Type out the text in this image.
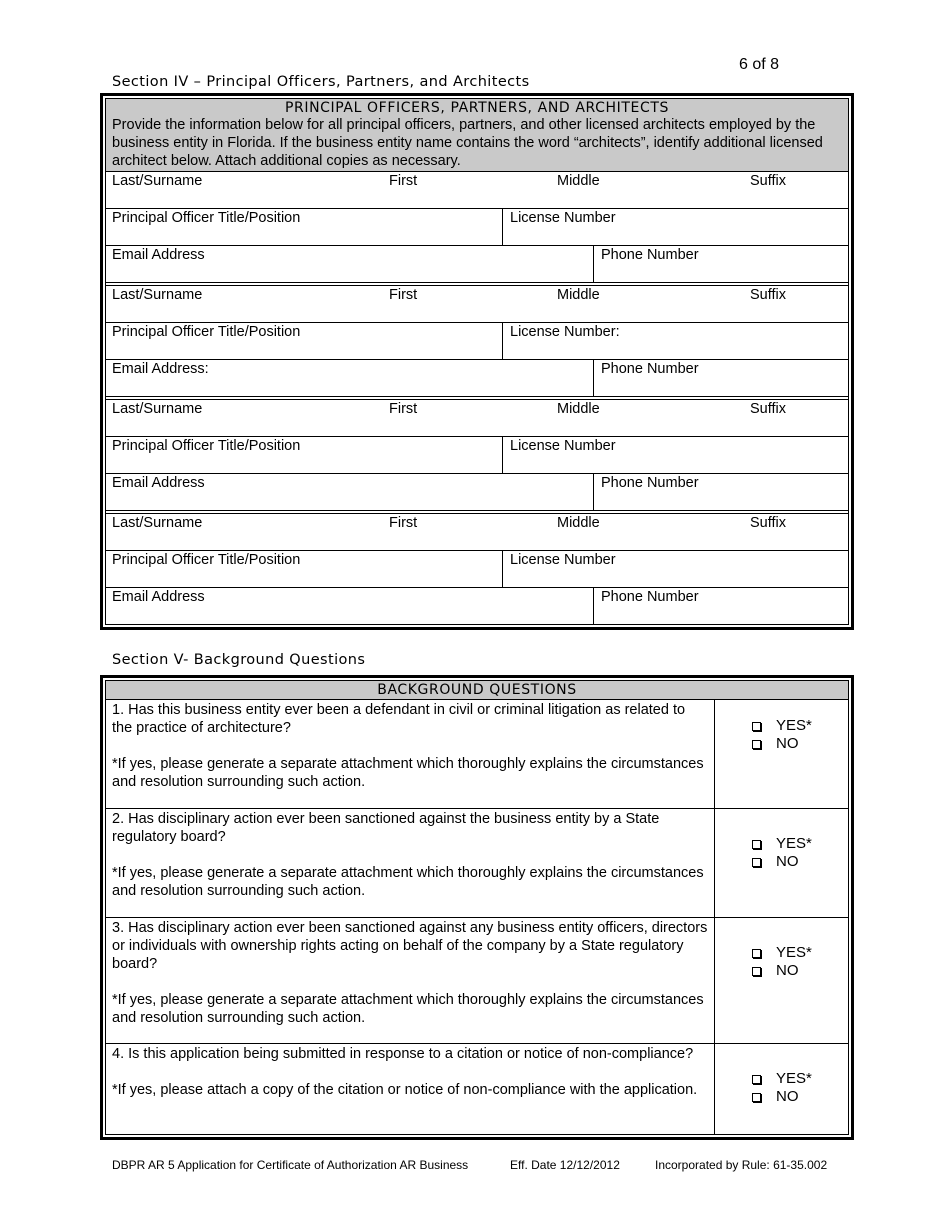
6 of 8
Section IV – Principal Officers, Partners, and Architects
PRINCIPAL OFFICERS, PARTNERS, AND ARCHITECTS
Provide the information below for all principal officers, partners, and other licensed architects employed by the business entity in Florida. If the business entity name contains the word “architects”, identify additional licensed architect below. Attach additional copies as necessary.
Last/Surname	First	Middle	Suffix
Principal Officer Title/Position	License Number
Email Address	Phone Number
Last/Surname	First	Middle	Suffix
Principal Officer Title/Position	License Number:
Email Address:	Phone Number
Last/Surname	First	Middle	Suffix
Principal Officer Title/Position	License Number
Email Address	Phone Number
Last/Surname	First	Middle	Suffix
Principal Officer Title/Position	License Number
Email Address	Phone Number
Section V- Background Questions
BACKGROUND QUESTIONS

1. Has this business entity ever been a defendant in civil or criminal litigation as related to the practice of architecture?

*If yes, please generate a separate attachment which thoroughly explains the circumstances and resolution surrounding such action.

YES*
NO

2. Has disciplinary action ever been sanctioned against the business entity by a State regulatory board?

*If yes, please generate a separate attachment which thoroughly explains the circumstances and resolution surrounding such action.

YES*
NO

3. Has disciplinary action ever been sanctioned against any business entity officers, directors or individuals with ownership rights acting on behalf of the company by a State regulatory board?

*If yes, please generate a separate attachment which thoroughly explains the circumstances and resolution surrounding such action.

YES*
NO

4. Is this application being submitted in response to a citation or notice of non-compliance?

*If yes, please attach a copy of the citation or notice of non-compliance with the application.

YES*
NO
DBPR AR 5 Application for Certificate of Authorization AR Business	Eff. Date 12/12/2012	Incorporated by Rule: 61-35.002
